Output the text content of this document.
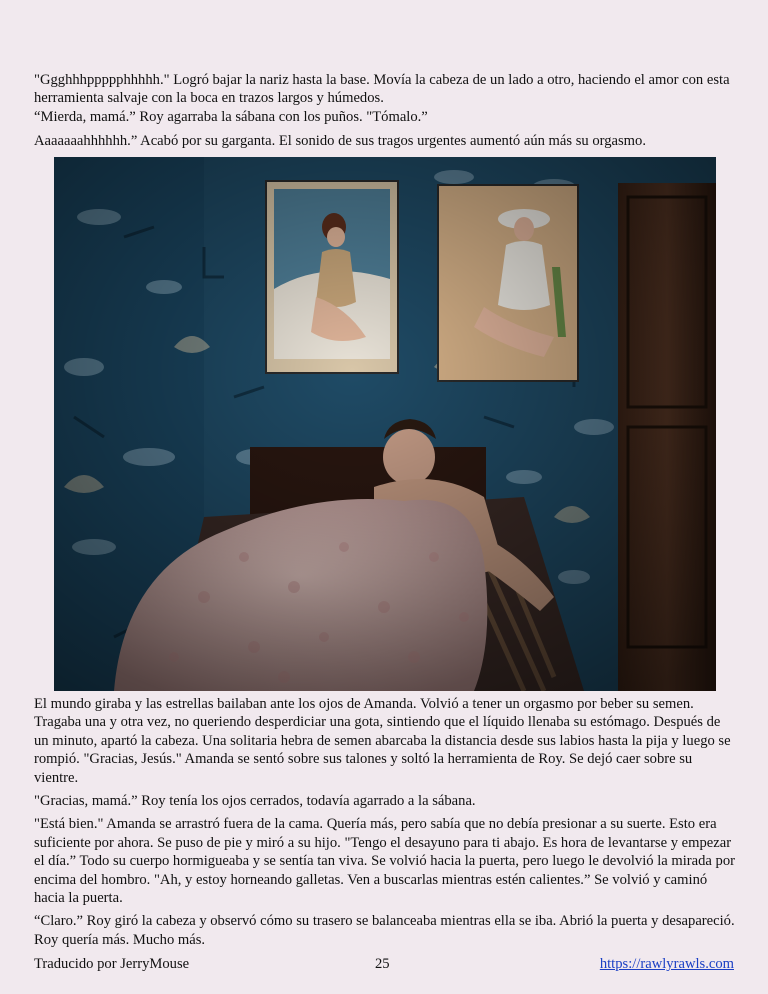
"Ggghhhppppphhhhh." Logró bajar la nariz hasta la base. Movía la cabeza de un lado a otro, haciendo el amor con esta herramienta salvaje con la boca en trazos largos y húmedos.

“Mierda, mamá.” Roy agarraba la sábana con los puños. "Tómalo.”

Aaaaaaahhhhhh.” Acabó por su garganta. El sonido de sus tragos urgentes aumentó aún más su orgasmo.

El mundo giraba y las estrellas bailaban ante los ojos de Amanda. Volvió a tener un orgasmo por beber su semen. Tragaba una y otra vez, no queriendo desperdiciar una gota, sintiendo que el líquido llenaba su estómago. Después de un minuto, apartó la cabeza. Una solitaria hebra de semen abarcaba la distancia desde sus labios hasta la pija y luego se rompió. "Gracias, Jesús." Amanda se sentó sobre sus talones y soltó la herramienta de Roy. Se dejó caer sobre su vientre.

"Gracias, mamá.” Roy tenía los ojos cerrados, todavía agarrado a la sábana.

"Está bien." Amanda se arrastró fuera de la cama. Quería más, pero sabía que no debía presionar a su suerte. Esto era suficiente por ahora. Se puso de pie y miró a su hijo. "Tengo el desayuno para ti abajo. Es hora de levantarse y empezar el día.” Todo su cuerpo hormigueaba y se sentía tan viva. Se volvió hacia la puerta, pero luego le devolvió la mirada por encima del hombro. "Ah, y estoy horneando galletas. Ven a buscarlas mientras estén calientes.” Se volvió y caminó hacia la puerta.

“Claro.” Roy giró la cabeza y observó cómo su trasero se balanceaba mientras ella se iba. Abrió la puerta y desapareció. Roy quería más. Mucho más.

Traducido por JerryMouse	25	https://rawlyrawls.com
